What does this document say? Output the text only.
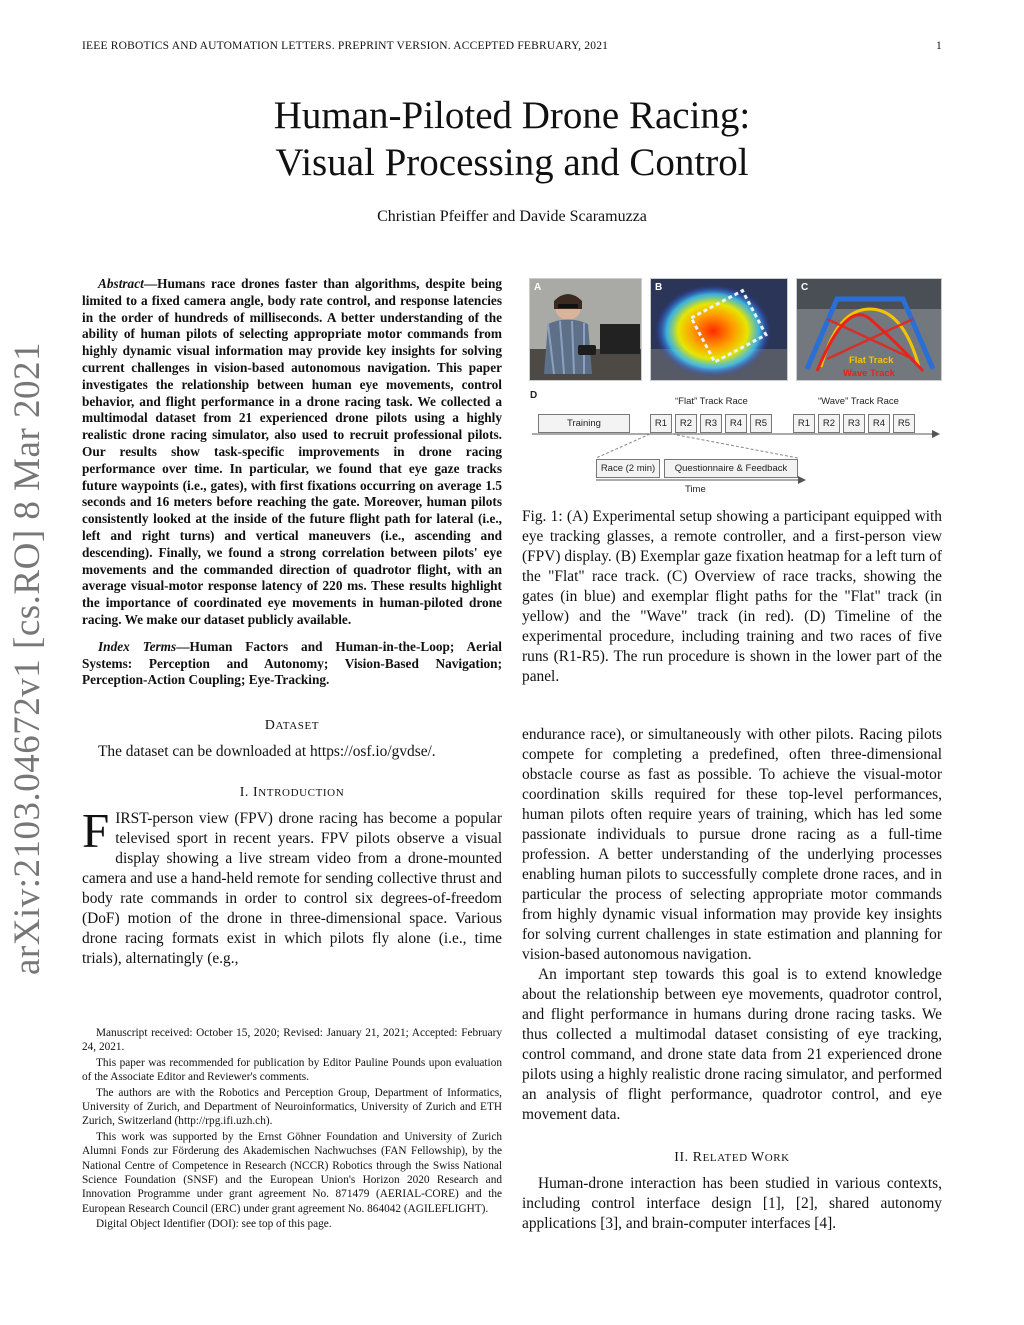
IEEE ROBOTICS AND AUTOMATION LETTERS. PREPRINT VERSION. ACCEPTED FEBRUARY, 2021	1
arXiv:2103.04672v1 [cs.RO] 8 Mar 2021
Human-Piloted Drone Racing:
Visual Processing and Control
Christian Pfeiffer and Davide Scaramuzza

Abstract—Humans race drones faster than algorithms, despite being limited to a fixed camera angle, body rate control, and response latencies in the order of hundreds of milliseconds. A better understanding of the ability of human pilots of selecting appropriate motor commands from highly dynamic visual information may provide key insights for solving current challenges in vision-based autonomous navigation. This paper investigates the relationship between human eye movements, control behavior, and flight performance in a drone racing task. We collected a multimodal dataset from 21 experienced drone pilots using a highly realistic drone racing simulator, also used to recruit professional pilots. Our results show task-specific improvements in drone racing performance over time. In particular, we found that eye gaze tracks future waypoints (i.e., gates), with first fixations occurring on average 1.5 seconds and 16 meters before reaching the gate. Moreover, human pilots consistently looked at the inside of the future flight path for lateral (i.e., left and right turns) and vertical maneuvers (i.e., ascending and descending). Finally, we found a strong correlation between pilots' eye movements and the commanded direction of quadrotor flight, with an average visual-motor response latency of 220 ms. These results highlight the importance of coordinated eye movements in human-piloted drone racing. We make our dataset publicly available.

Index Terms—Human Factors and Human-in-the-Loop; Aerial Systems: Perception and Autonomy; Vision-Based Navigation; Perception-Action Coupling; Eye-Tracking.

DATASET

The dataset can be downloaded at https://osf.io/gvdse/.

I. INTRODUCTION

FIRST-person view (FPV) drone racing has become a popular televised sport in recent years. FPV pilots observe a visual display showing a live stream video from a drone-mounted camera and use a hand-held remote for sending collective thrust and body rate commands in order to control six degrees-of-freedom (DoF) motion of the drone in three-dimensional space. Various drone racing formats exist in which pilots fly alone (i.e., time trials), alternatingly (e.g.,

Manuscript received: October 15, 2020; Revised: January 21, 2021; Accepted: February 24, 2021.

This paper was recommended for publication by Editor Pauline Pounds upon evaluation of the Associate Editor and Reviewer's comments.

The authors are with the Robotics and Perception Group, Department of Informatics, University of Zurich, and Department of Neuroinformatics, University of Zurich and ETH Zurich, Switzerland (http://rpg.ifi.uzh.ch).

This work was supported by the Ernst Göhner Foundation and University of Zurich Alumni Fonds zur Förderung des Akademischen Nachwuchses (FAN Fellowship), by the National Centre of Competence in Research (NCCR) Robotics through the Swiss National Science Foundation (SNSF) and the European Union's Horizon 2020 Research and Innovation Programme under grant agreement No. 871479 (AERIAL-CORE) and the European Research Council (ERC) under grant agreement No. 864042 (AGILEFLIGHT).

Digital Object Identifier (DOI): see top of this page.

A	B	C
Flat Track
Wave Track
D
“Flat” Track Race	“Wave” Track Race
Training	R1	R2	R3	R4	R5	R1	R2	R3	R4	R5
Race (2 min)	Questionnaire & Feedback
Time

Fig. 1: (A) Experimental setup showing a participant equipped with eye tracking glasses, a remote controller, and a first-person view (FPV) display. (B) Exemplar gaze fixation heatmap for a left turn of the "Flat" race track. (C) Overview of race tracks, showing the gates (in blue) and exemplar flight paths for the "Flat" track (in yellow) and the "Wave" track (in red). (D) Timeline of the experimental procedure, including training and two races of five runs (R1-R5). The run procedure is shown in the lower part of the panel.

endurance race), or simultaneously with other pilots. Racing pilots compete for completing a predefined, often three-dimensional obstacle course as fast as possible. To achieve the visual-motor coordination skills required for these top-level performances, human pilots often require years of training, which has led some passionate individuals to pursue drone racing as a full-time profession. A better understanding of the underlying processes enabling human pilots to successfully complete drone races, and in particular the process of selecting appropriate motor commands from highly dynamic visual information may provide key insights for solving current challenges in state estimation and planning for vision-based autonomous navigation.

An important step towards this goal is to extend knowledge about the relationship between eye movements, quadrotor control, and flight performance in humans during drone racing tasks. We thus collected a multimodal dataset consisting of eye tracking, control command, and drone state data from 21 experienced drone pilots using a highly realistic drone racing simulator, and performed an analysis of flight performance, quadrotor control, and eye movement data.

II. RELATED WORK

Human-drone interaction has been studied in various contexts, including control interface design [1], [2], shared autonomy applications [3], and brain-computer interfaces [4].
